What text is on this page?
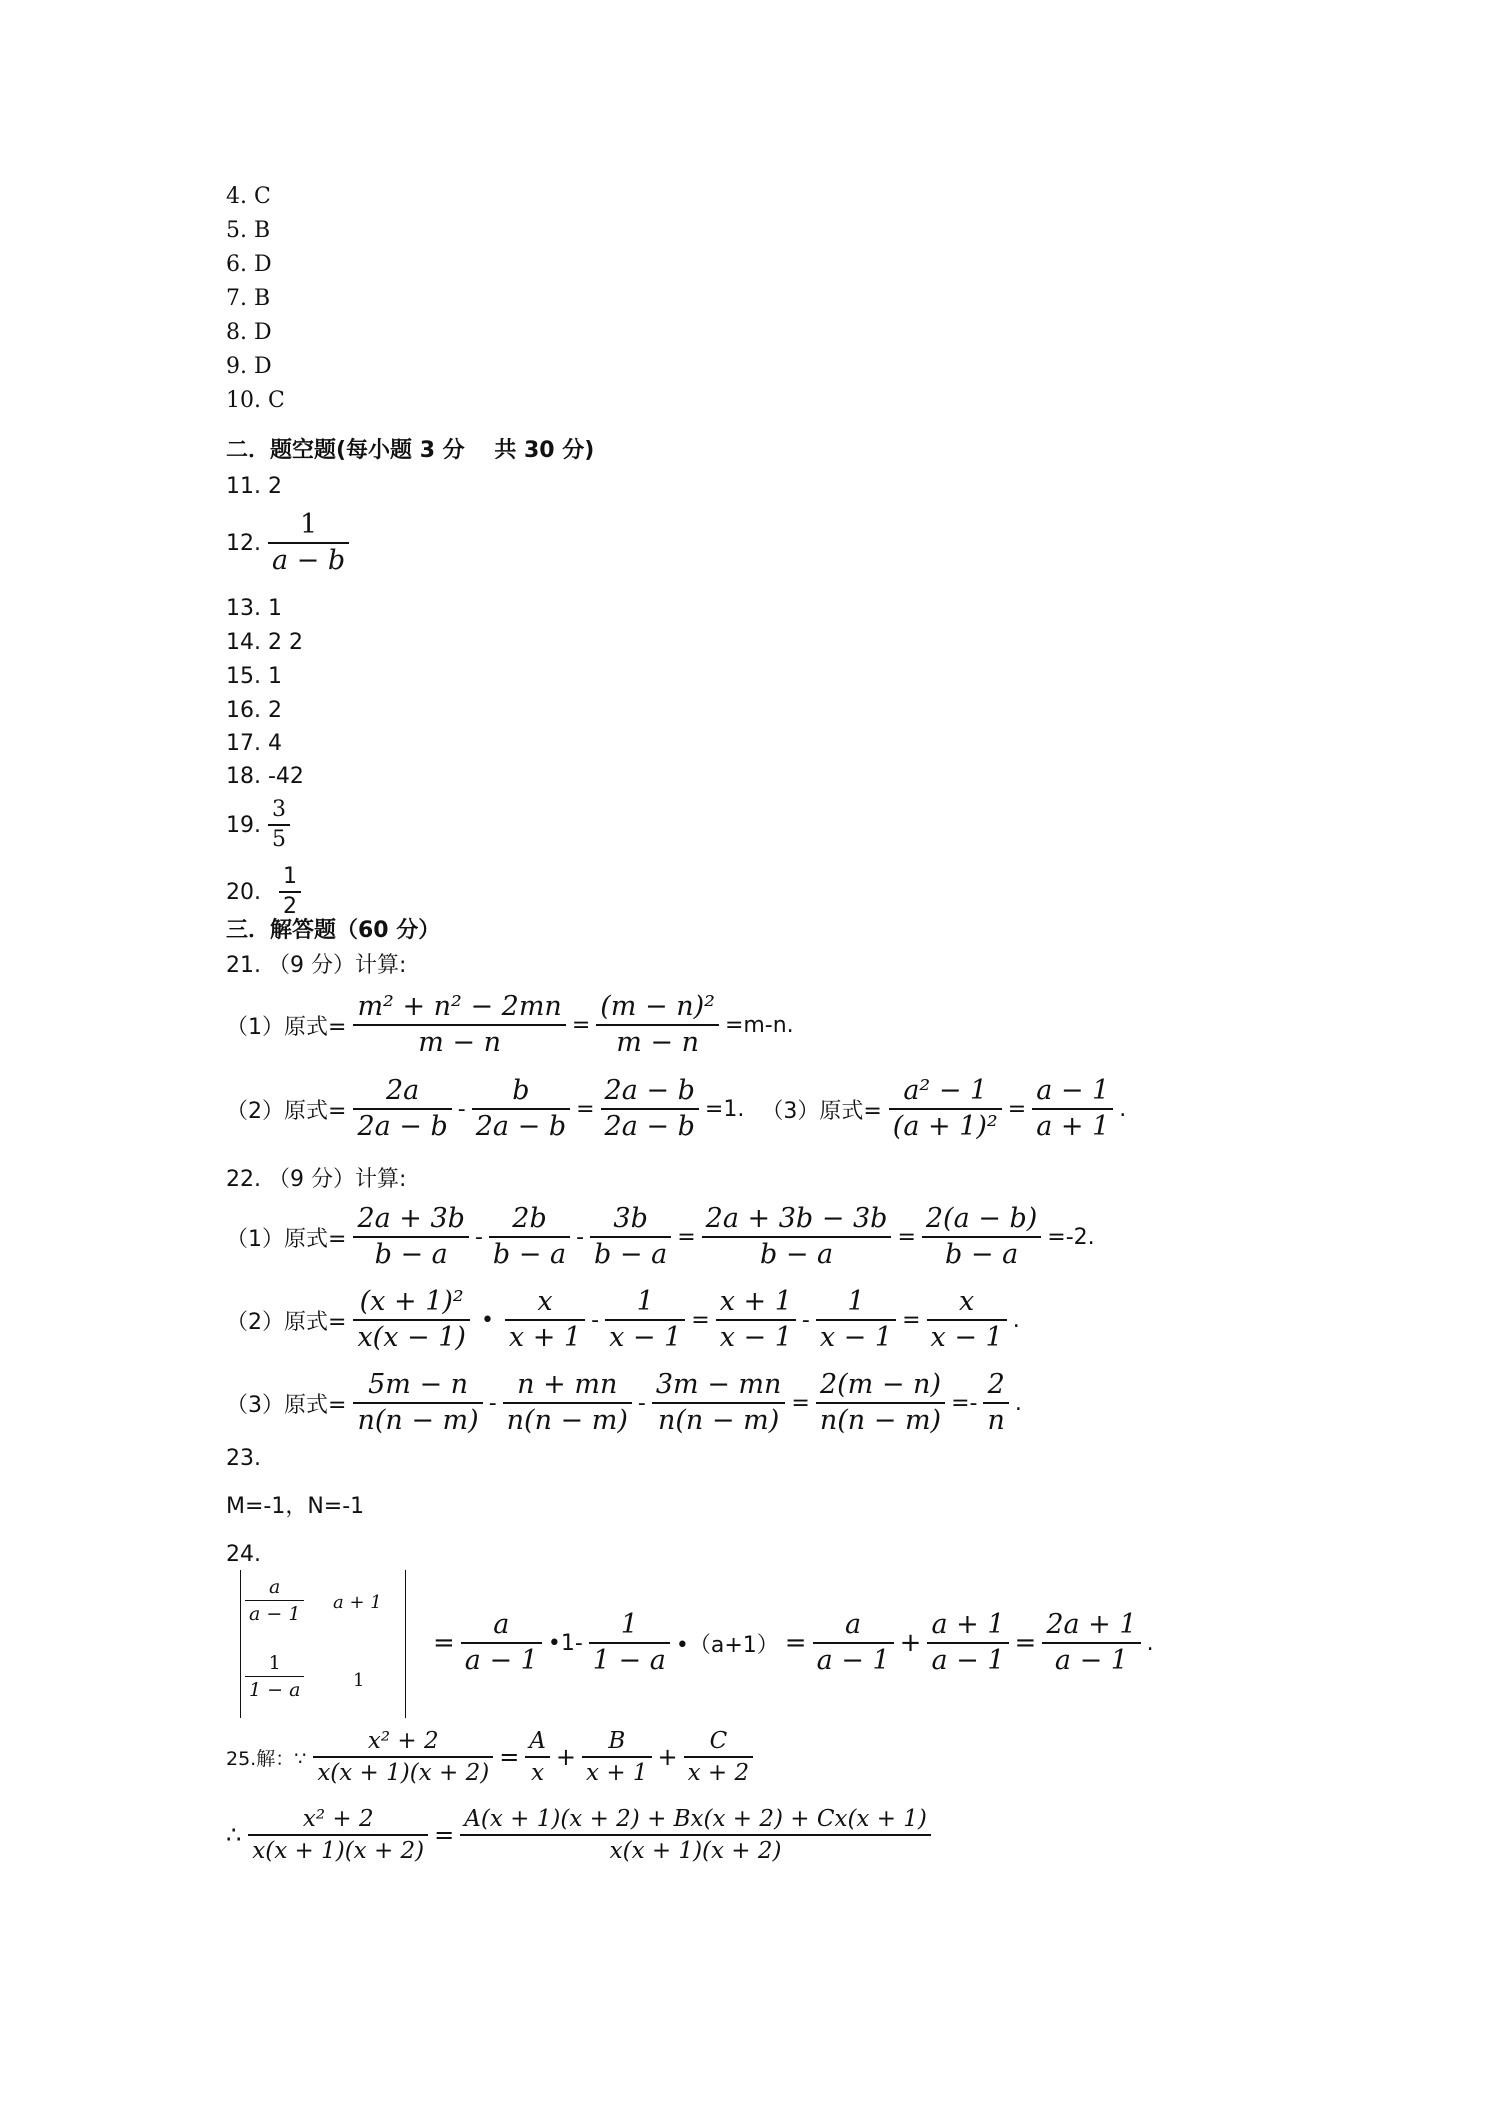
4. C
5. B
6. D
7. B
8. D
9. D
10. C
二．题空题(每小题 3 分　 共 30 分)
11. 2
12. $\frac{1}{a - b}$
13. 1
14. 2 2
15. 1
16. 2
17. 4
18. -42
19. $\frac{3}{5}$
20. $\frac{1}{2}$
三．解答题（60 分）
21. （9 分）计算:
（1）原式= $\frac{\text{m² + n² − 2mn}}{m - n} = \frac{\text{(m − n)²}}{m - n} =m-n$.
（2）原式= $\frac{2a}{2a - b} - \frac{b}{2a - b} = \frac{2a - b}{2a - b} =1$. （3）原式= $\frac{\text{a² − 1}}{\text{(a + 1)²}} = \frac{a - 1}{a + 1}$ .
22. （9 分）计算:
（1）原式= $\frac{2a + 3b}{b - a} - \frac{2b}{b - a} - \frac{3b}{b - a} = \frac{2a + 3b - 3b}{b - a} = \frac{2(a - b)}{b - a} =-2$.
（2）原式= $\frac{\text{(x + 1)²}}{x(x - 1)}$ • $\frac{x}{x + 1} - \frac{1}{x - 1} = \frac{x + 1}{x - 1} - \frac{1}{x - 1} = \frac{x}{x - 1}$ .
（3）原式= $\frac{5m - n}{n(n - m)} - \frac{n + mn}{n(n - m)} - \frac{3m - mn}{n(n - m)} = \frac{2(m - n)}{n(n - m)} =- \frac{2}{n}$ .
23.
M=-1，N=-1
24.
a
a − 1
a + 1
1
1 − a	1
= $\frac{a}{a - 1}$ •1- $\frac{1}{1 - a}$ •（a+1） = $\frac{a}{a - 1} + \frac{a + 1}{a - 1} = \frac{2a + 1}{a - 1}$ .
25.解：∵ $\frac{\text{x² + 2}}{x(x + 1)(x + 2)} = \frac{A}{x} + \frac{B}{x + 1} + \frac{C}{x + 2}$
∴ $\frac{\text{x² + 2}}{x(x + 1)(x + 2)} = \frac{A(x + 1)(x + 2) + Bx(x + 2) + Cx(x + 1)}{x(x + 1)(x + 2)}$
